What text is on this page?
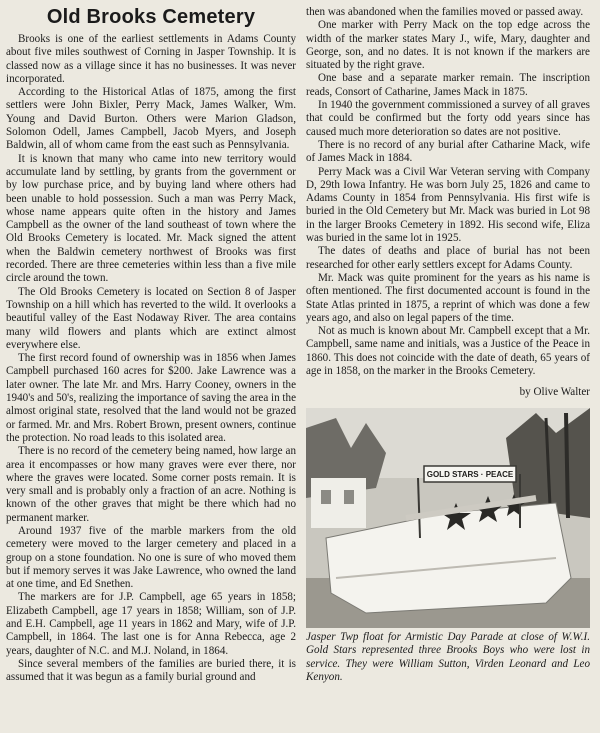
Old Brooks Cemetery

Brooks is one of the earliest settlements in Adams County about five miles southwest of Corning in Jasper Township. It is classed now as a village since it has no businesses. It was never incorporated.

According to the Historical Atlas of 1875, among the first settlers were John Bixler, Perry Mack, James Walker, Wm. Young and David Burton. Others were Marion Gladson, Solomon Odell, James Campbell, Jacob Myers, and Joseph Baldwin, all of whom came from the east such as Pennsylvania.

It is known that many who came into new territory would accumulate land by settling, by grants from the government or by low purchase price, and by buying land where others had been unable to hold possession. Such a man was Perry Mack, whose name appears quite often in the history and James Campbell as the owner of the land southeast of town where the Old Brooks Cemetery is located. Mr. Mack signed the attent when the Baldwin cemetery northwest of Brooks was first recorded. There are three cemeteries within less than a five mile circle around the town.

The Old Brooks Cemetery is located on Section 8 of Jasper Township on a hill which has reverted to the wild. It overlooks a beautiful valley of the East Nodaway River. The area contains many wild flowers and plants which are extinct almost everywhere else.

The first record found of ownership was in 1856 when James Campbell purchased 160 acres for $200. Jake Lawrence was a later owner. The late Mr. and Mrs. Harry Cooney, owners in the 1940's and 50's, realizing the importance of saving the area in the almost original state, resolved that the land would not be grazed or farmed. Mr. and Mrs. Robert Brown, present owners, continue the protection. No road leads to this isolated area.

There is no record of the cemetery being named, how large an area it encompasses or how many graves were ever there, nor where the graves were located. Some corner posts remain. It is very small and is probably only a fraction of an acre. Nothing is known of the other graves that might be there which had no permanent marker.

Around 1937 five of the marble markers from the old cemetery were moved to the larger cemetery and placed in a group on a stone foundation. No one is sure of who moved them but if memory serves it was Jake Lawrence, who owned the land at one time, and Ed Snethen.

The markers are for J.P. Campbell, age 65 years in 1858; Elizabeth Campbell, age 17 years in 1858; William, son of J.P. and E.H. Campbell, age 11 years in 1862 and Mary, wife of J.P. Campbell, in 1864. The last one is for Anna Rebecca, age 2 years, daughter of N.C. and M.J. Noland, in 1864.

Since several members of the families are buried there, it is assumed that it was begun as a family burial ground and

then was abandoned when the families moved or passed away.

One marker with Perry Mack on the top edge across the width of the marker states Mary J., wife, Mary, daughter and George, son, and no dates. It is not known if the markers are situated by the right grave.

One base and a separate marker remain. The inscription reads, Consort of Catharine, James Mack in 1875.

In 1940 the government commissioned a survey of all graves that could be confirmed but the forty odd years since has caused much more deterioration so dates are not positive.

There is no record of any burial after Catharine Mack, wife of James Mack in 1884.

Perry Mack was a Civil War Veteran serving with Company D, 29th Iowa Infantry. He was born July 25, 1826 and came to Adams County in 1854 from Pennsylvania. His first wife is buried in the Old Cemetery but Mr. Mack was buried in Lot 98 in the larger Brooks Cemetery in 1892. His second wife, Eliza was buried in the same lot in 1925.

The dates of deaths and place of burial has not been researched for other early settlers except for Adams County.

Mr. Mack was quite prominent for the years as his name is often mentioned. The first documented account is found in the State Atlas printed in 1875, a reprint of which was done a few years ago, and also on legal papers of the time.

Not as much is known about Mr. Campbell except that a Mr. Campbell, same name and initials, was a Justice of the Peace in 1860. This does not coincide with the date of death, 65 years of age in 1858, on the marker in the Brooks Cemetery.

by Olive Walter

GOLD STARS · PEACE

Jasper Twp float for Armistic Day Parade at close of W.W.I. Gold Stars represented three Brooks Boys who were lost in service. They were William Sutton, Virden Leonard and Leo Kenyon.
